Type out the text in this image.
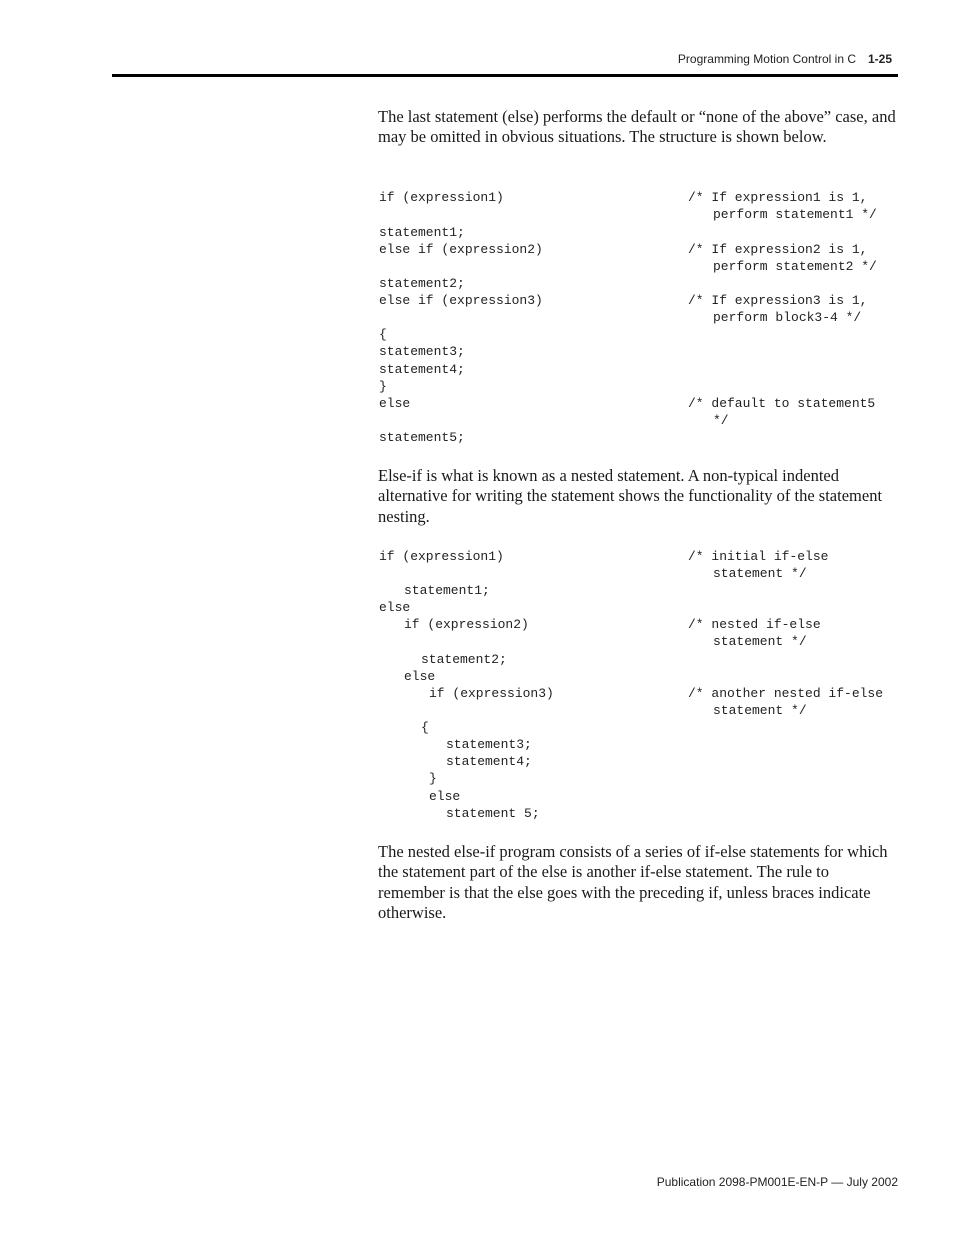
Programming Motion Control in C 1-25

The last statement (else) performs the default or “none of the above” case, and may be omitted in obvious situations. The structure is shown below.

if (expression1)	/* If expression1 is 1,
perform statement1 */
statement1;
else if (expression2)	/* If expression2 is 1,
perform statement2 */
statement2;
else if (expression3)	/* If expression3 is 1,
perform block3-4 */
{
statement3;
statement4;
}
else	/* default to statement5
*/
statement5;

Else-if is what is known as a nested statement. A non-typical indented alternative for writing the statement shows the functionality of the statement nesting.

if (expression1)	/* initial if-else
statement */
statement1;
else
if (expression2)	/* nested if-else
statement */
statement2;
else
if (expression3)	/* another nested if-else
statement */
{
statement3;
statement4;
}
else
statement 5;

The nested else-if program consists of a series of if-else statements for which the statement part of the else is another if-else statement. The rule to remember is that the else goes with the preceding if, unless braces indicate otherwise.

Publication 2098-PM001E-EN-P — July 2002
